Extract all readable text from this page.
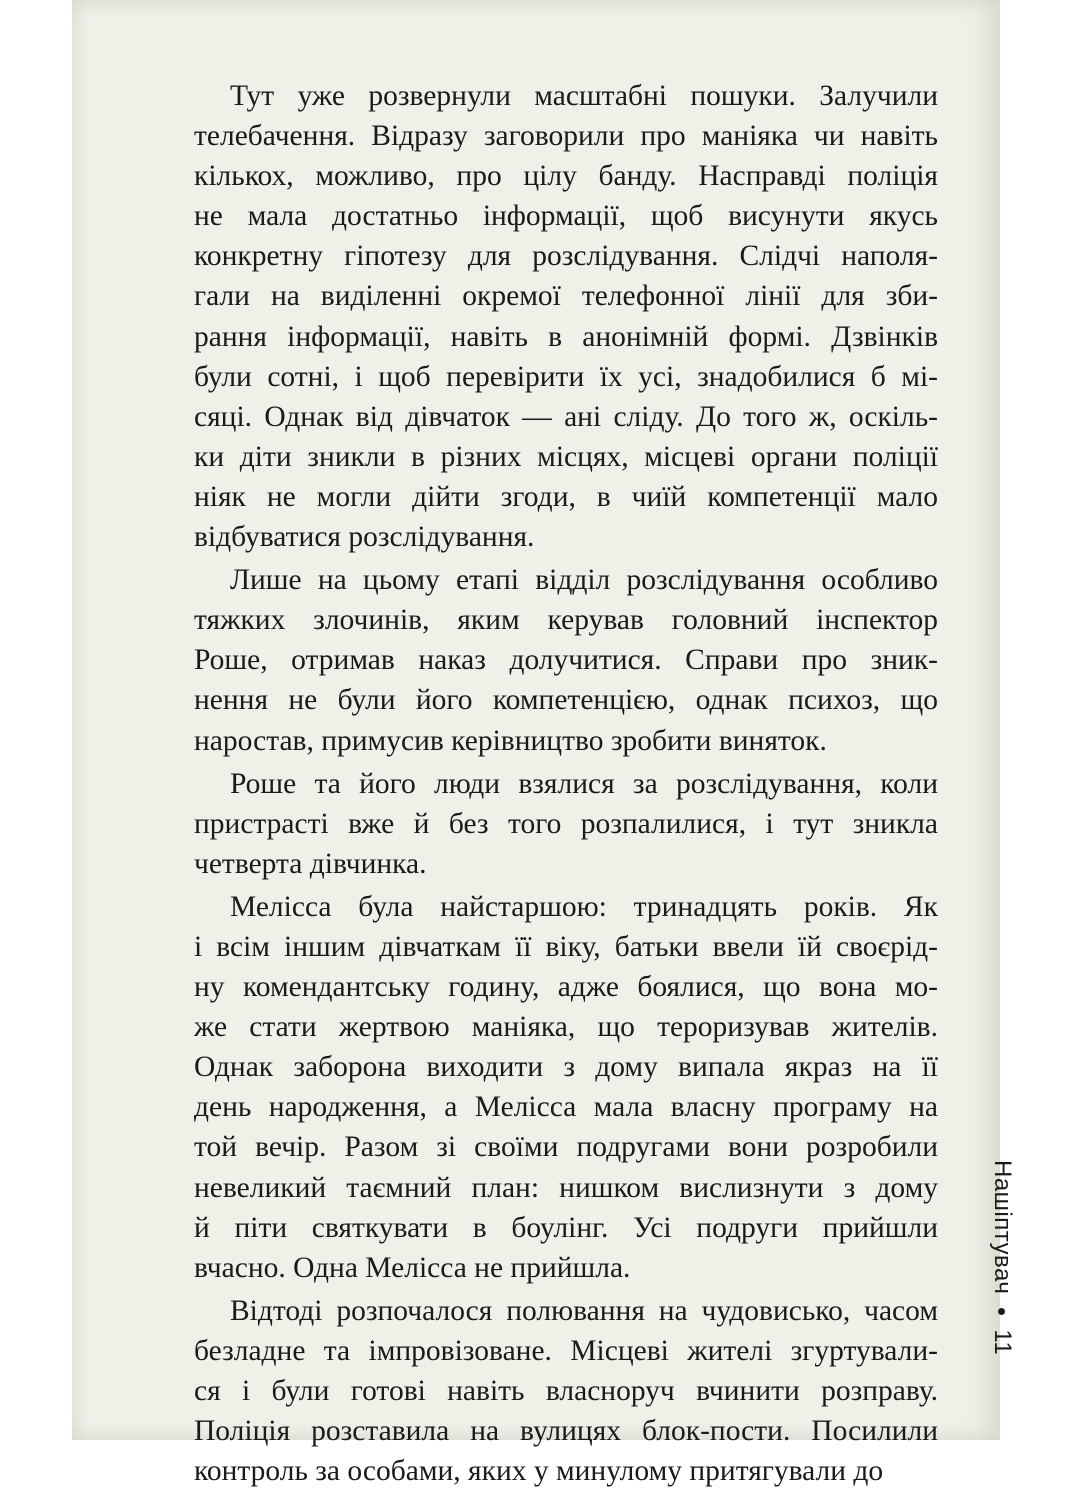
Тут уже розвернули масштабні пошуки. Залучили
телебачення. Відразу заговорили про маніяка чи навіть
кількох, можливо, про цілу банду. Насправді поліція
не мала достатньо інформації, щоб висунути якусь
конкретну гіпотезу для розслідування. Слідчі наполя-
гали на виділенні окремої телефонної лінії для зби-
рання інформації, навіть в анонімній формі. Дзвінків
були сотні, і щоб перевірити їх усі, знадобилися б мі-
сяці. Однак від дівчаток — ані сліду. До того ж, оскіль-
ки діти зникли в різних місцях, місцеві органи поліції
ніяк не могли дійти згоди, в чиїй компетенції мало
відбуватися розслідування.
Лише на цьому етапі відділ розслідування особливо
тяжких злочинів, яким керував головний інспектор
Роше, отримав наказ долучитися. Справи про зник-
нення не були його компетенцією, однак психоз, що
наростав, примусив керівництво зробити виняток.
Роше та його люди взялися за розслідування, коли
пристрасті вже й без того розпалилися, і тут зникла
четверта дівчинка.
Мелісса була найстаршою: тринадцять років. Як
і всім іншим дівчаткам її віку, батьки ввели їй своєрід-
ну комендантську годину, адже боялися, що вона мо-
же стати жертвою маніяка, що тероризував жителів.
Однак заборона виходити з дому випала якраз на її
день народження, а Мелісса мала власну програму на
той вечір. Разом зі своїми подругами вони розробили
невеликий таємний план: нишком вислизнути з дому
й піти святкувати в боулінг. Усі подруги прийшли
вчасно. Одна Мелісса не прийшла.
Відтоді розпочалося полювання на чудовисько, часом
безладне та імпровізоване. Місцеві жителі згуртували-
ся і були готові навіть власноруч вчинити розправу.
Поліція розставила на вулицях блок-пости. Посилили
контроль за особами, яких у минулому притягували до
Нашіптувач
11
